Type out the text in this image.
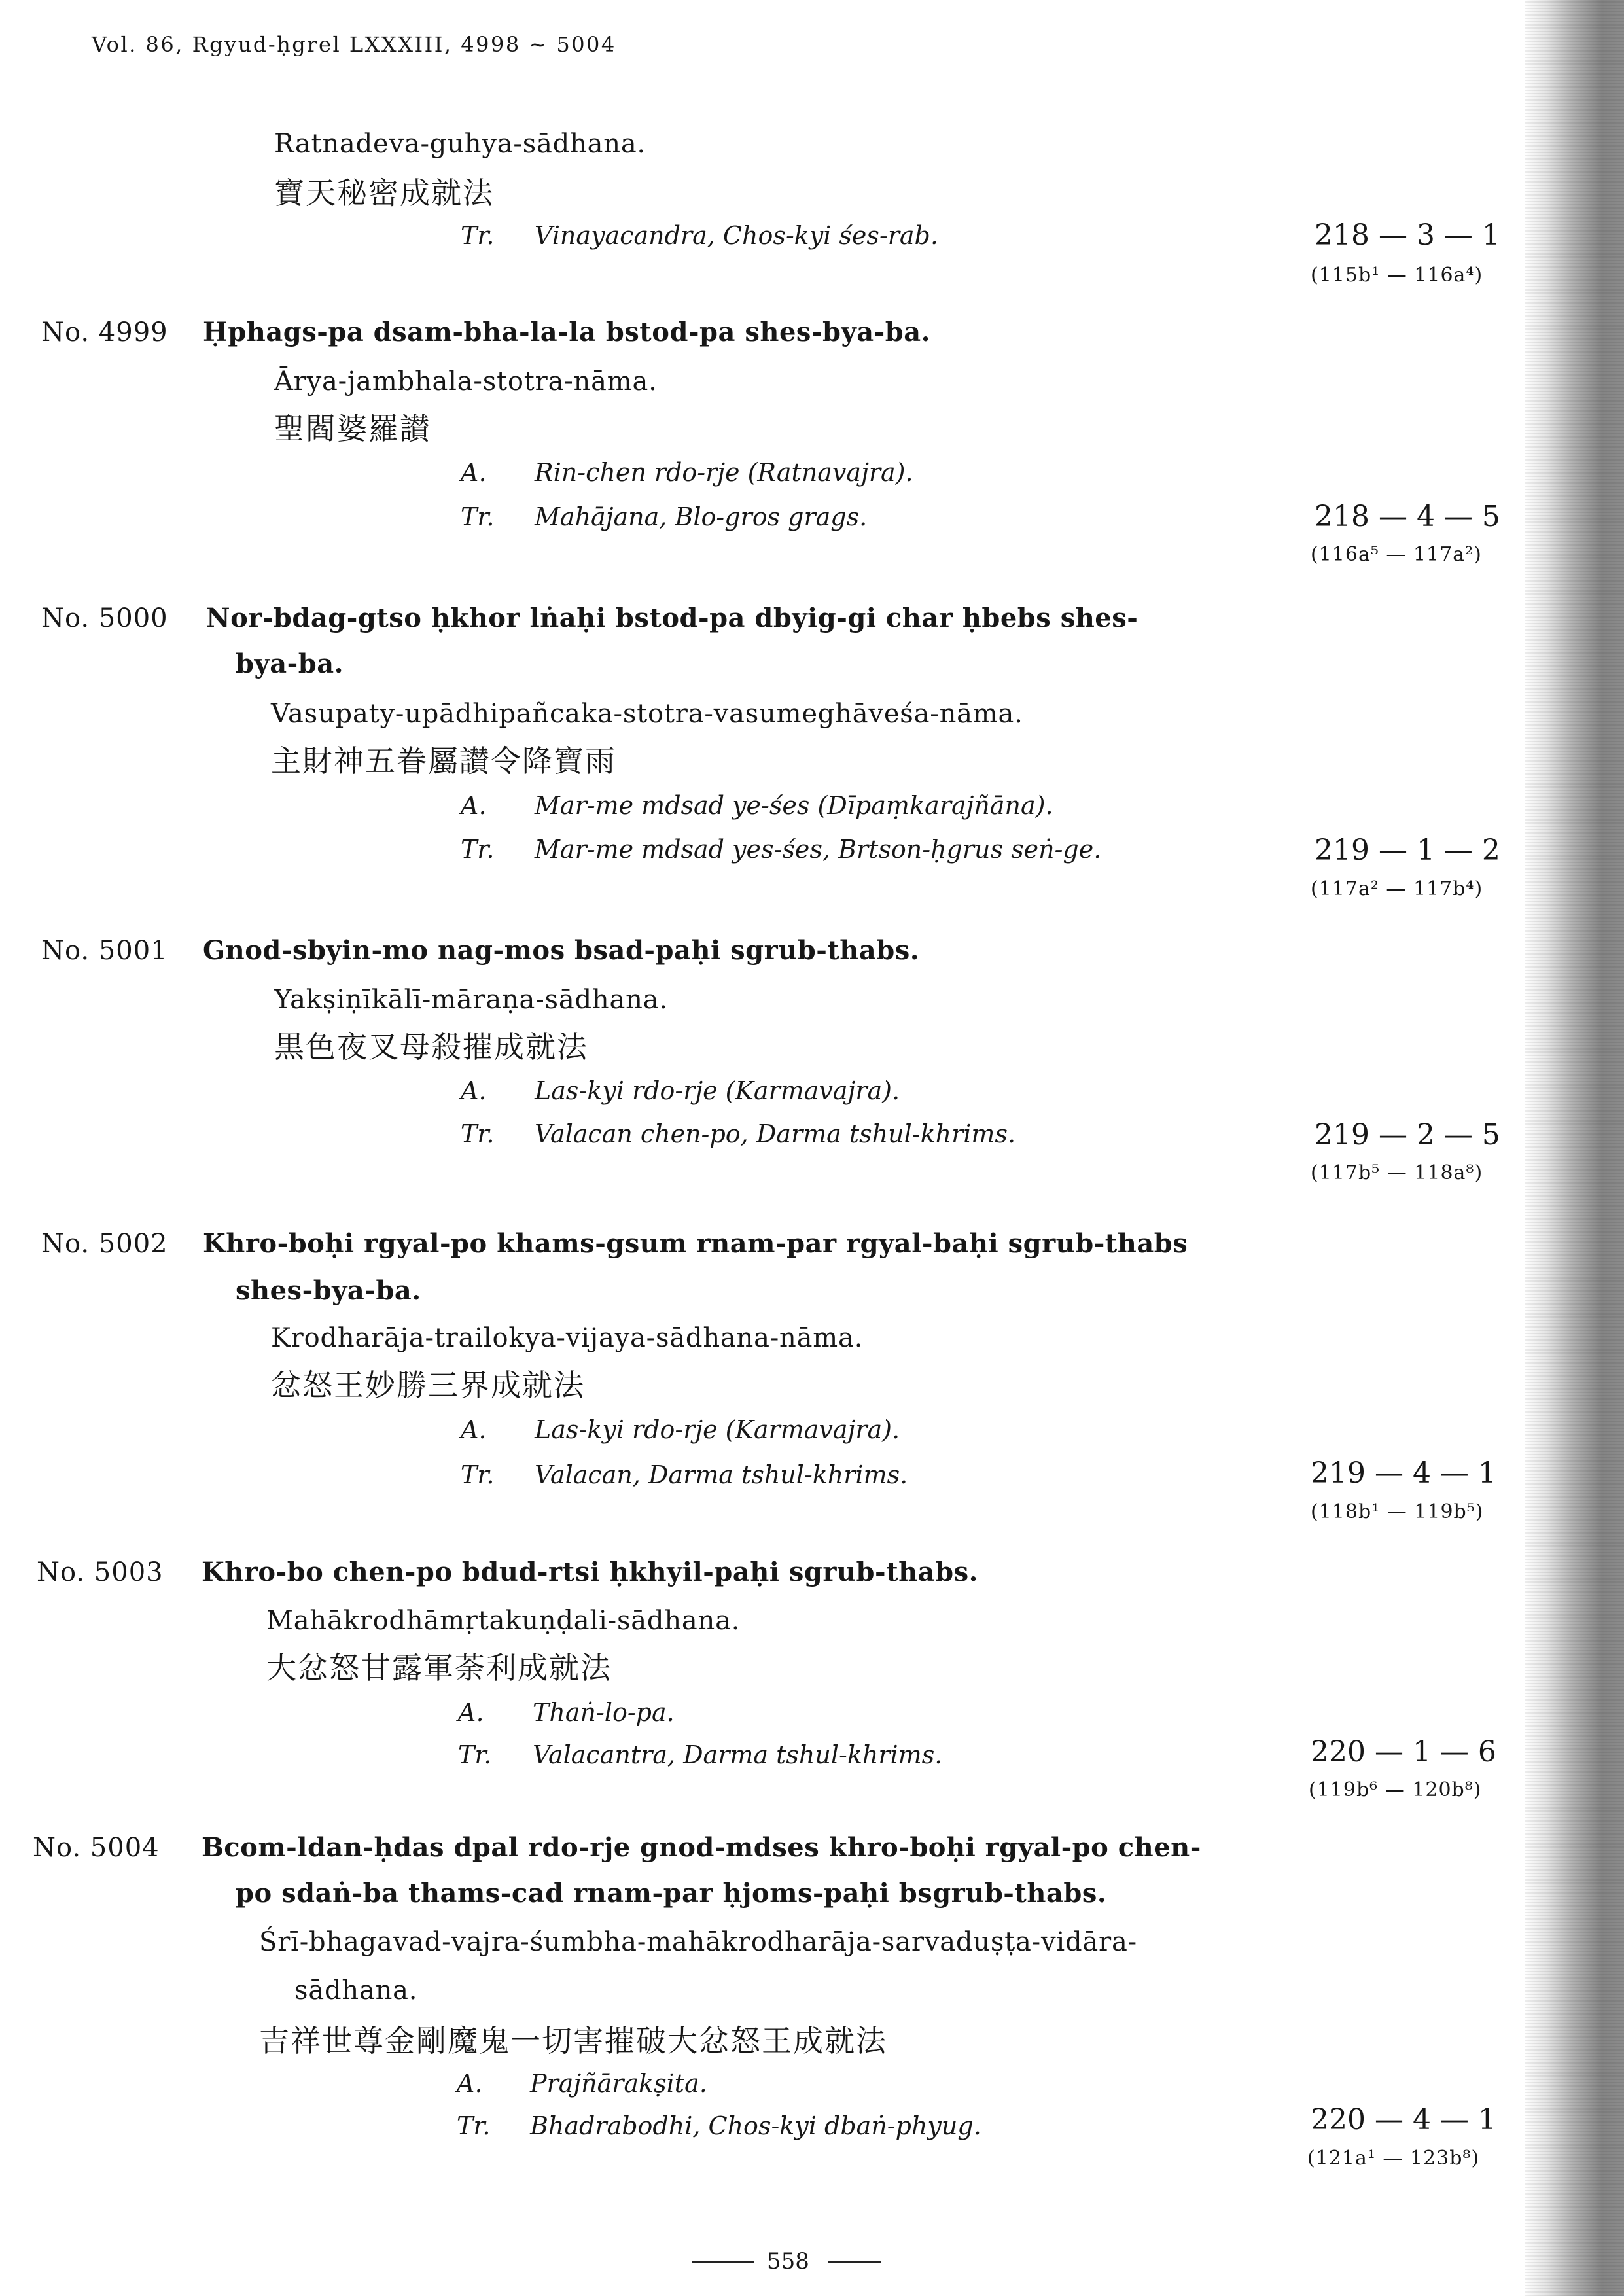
Vol. 86, Rgyud-ḥgrel LXXXIII, 4998 ∼ 5004
Ratnadeva-guhya-sādhana.
寶天秘密成就法
Tr. Vinayacandra, Chos-kyi śes-rab.	218 — 3 — 1
(115b¹ — 116a⁴)
No. 4999 Ḥphags-pa dsam-bha-la-la bstod-pa shes-bya-ba.
Ārya-jambhala-stotra-nāma.
聖閻婆羅讃
A. Rin-chen rdo-rje (Ratnavajra).
Tr. Mahājana, Blo-gros grags.	218 — 4 — 5
(116a⁵ — 117a²)
No. 5000 Nor-bdag-gtso ḥkhor lṅaḥi bstod-pa dbyig-gi char ḥbebs shes-
bya-ba.
Vasupaty-upādhipañcaka-stotra-vasumeghāveśa-nāma.
主財神五眷屬讃令降寶雨
A. Mar-me mdsad ye-śes (Dīpaṃkarajñāna).
Tr. Mar-me mdsad yes-śes, Brtson-ḥgrus seṅ-ge.	219 — 1 — 2
(117a² — 117b⁴)
No. 5001 Gnod-sbyin-mo nag-mos bsad-paḥi sgrub-thabs.
Yakṣiṇīkālī-māraṇa-sādhana.
黒色夜叉母殺摧成就法
A. Las-kyi rdo-rje (Karmavajra).
Tr. Valacan chen-po, Darma tshul-khrims.	219 — 2 — 5
(117b⁵ — 118a⁸)
No. 5002 Khro-boḥi rgyal-po khams-gsum rnam-par rgyal-baḥi sgrub-thabs
shes-bya-ba.
Krodharāja-trailokya-vijaya-sādhana-nāma.
忿怒王妙勝三界成就法
A. Las-kyi rdo-rje (Karmavajra).
Tr. Valacan, Darma tshul-khrims.	219 — 4 — 1
(118b¹ — 119b⁵)
No. 5003 Khro-bo chen-po bdud-rtsi ḥkhyil-paḥi sgrub-thabs.
Mahākrodhāmṛtakuṇḍali-sādhana.
大忿怒甘露軍荼利成就法
A. Thaṅ-lo-pa.
Tr. Valacantra, Darma tshul-khrims.	220 — 1 — 6
(119b⁶ — 120b⁸)
No. 5004 Bcom-ldan-ḥdas dpal rdo-rje gnod-mdses khro-boḥi rgyal-po chen-
po sdaṅ-ba thams-cad rnam-par ḥjoms-paḥi bsgrub-thabs.
Śrī-bhagavad-vajra-śumbha-mahākrodharāja-sarvaduṣṭa-vidāra-
sādhana.
吉祥世尊金剛魔鬼一切害摧破大忿怒王成就法
A. Prajñārakṣita.
Tr. Bhadrabodhi, Chos-kyi dbaṅ-phyug.	220 — 4 — 1
(121a¹ — 123b⁸)
558
